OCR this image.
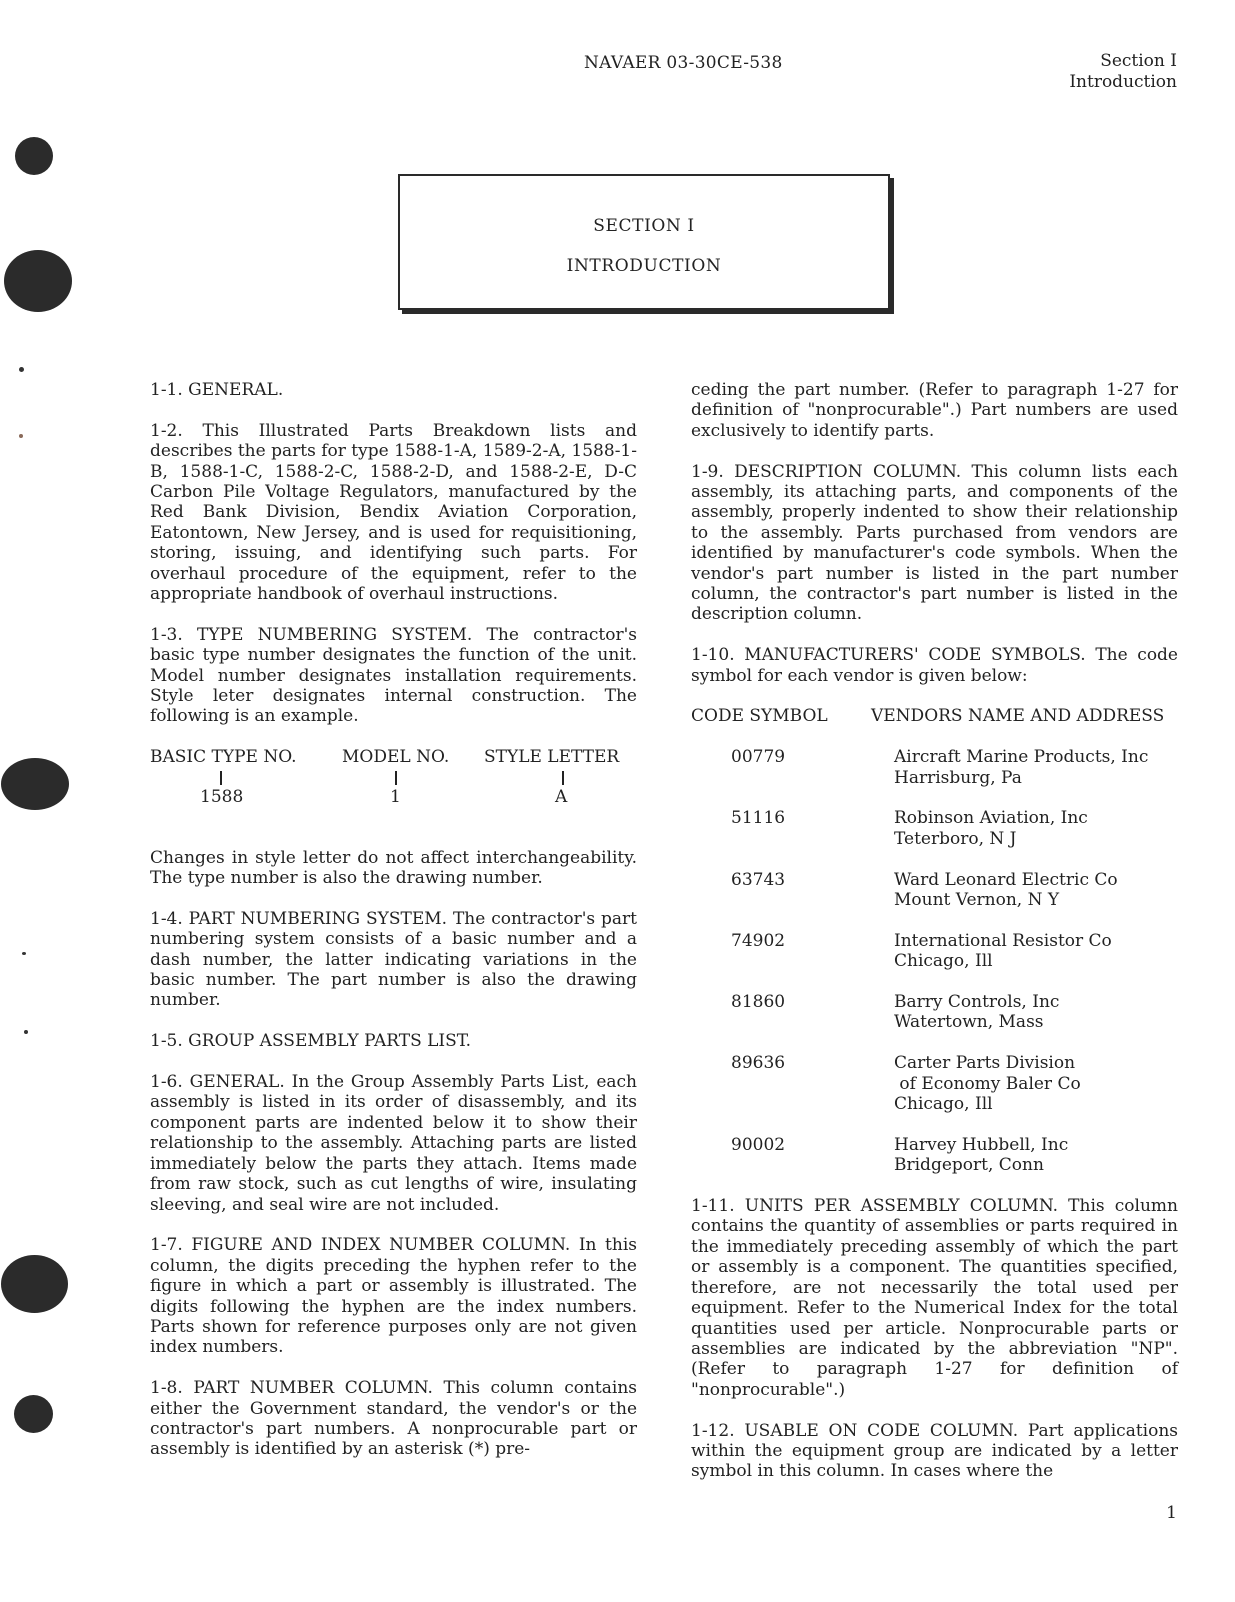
NAVAER 03-30CE-538	Section I
Introduction
SECTION I
INTRODUCTION

1-1. GENERAL.

1-2. This Illustrated Parts Breakdown lists and describes the parts for type 1588-1-A, 1589-2-A, 1588-1-B, 1588-1-C, 1588-2-C, 1588-2-D, and 1588-2-E, D-C Carbon Pile Voltage Regulators, manufactured by the Red Bank Division, Bendix Aviation Corporation, Eatontown, New Jersey, and is used for requisitioning, storing, issuing, and identifying such parts. For overhaul procedure of the equipment, refer to the appropriate handbook of overhaul instructions.

1-3. TYPE NUMBERING SYSTEM. The contractor's basic type number designates the function of the unit. Model number designates installation requirements. Style leter designates internal construction. The following is an example.

BASIC TYPE NO.	MODEL NO. STYLE LETTER
1588	1	A

Changes in style letter do not affect interchangeability. The type number is also the drawing number.

1-4. PART NUMBERING SYSTEM. The contractor's part numbering system consists of a basic number and a dash number, the latter indicating variations in the basic number. The part number is also the drawing number.

1-5. GROUP ASSEMBLY PARTS LIST.

1-6. GENERAL. In the Group Assembly Parts List, each assembly is listed in its order of disassembly, and its component parts are indented below it to show their relationship to the assembly. Attaching parts are listed immediately below the parts they attach. Items made from raw stock, such as cut lengths of wire, insulating sleeving, and seal wire are not included.

1-7. FIGURE AND INDEX NUMBER COLUMN. In this column, the digits preceding the hyphen refer to the figure in which a part or assembly is illustrated. The digits following the hyphen are the index numbers. Parts shown for reference purposes only are not given index numbers.

1-8. PART NUMBER COLUMN. This column contains either the Government standard, the vendor's or the contractor's part numbers. A nonprocurable part or assembly is identified by an asterisk (*) pre-

ceding the part number. (Refer to paragraph 1-27 for definition of "nonprocurable".) Part numbers are used exclusively to identify parts.

1-9. DESCRIPTION COLUMN. This column lists each assembly, its attaching parts, and components of the assembly, properly indented to show their relationship to the assembly. Parts purchased from vendors are identified by manufacturer's code symbols. When the vendor's part number is listed in the part number column, the contractor's part number is listed in the description column.

1-10. MANUFACTURERS' CODE SYMBOLS. The code symbol for each vendor is given below:

CODE SYMBOL	VENDORS NAME AND ADDRESS
00779	Aircraft Marine Products, Inc
Harrisburg, Pa
51116	Robinson Aviation, Inc
Teterboro, N J
63743	Ward Leonard Electric Co
Mount Vernon, N Y
74902	International Resistor Co
Chicago, Ill
81860	Barry Controls, Inc
Watertown, Mass
89636	Carter Parts Division
of Economy Baler Co
Chicago, Ill
90002	Harvey Hubbell, Inc
Bridgeport, Conn

1-11. UNITS PER ASSEMBLY COLUMN. This column contains the quantity of assemblies or parts required in the immediately preceding assembly of which the part or assembly is a component. The quantities specified, therefore, are not necessarily the total used per equipment. Refer to the Numerical Index for the total quantities used per article. Nonprocurable parts or assemblies are indicated by the abbreviation "NP". (Refer to paragraph 1-27 for definition of "nonprocurable".)

1-12. USABLE ON CODE COLUMN. Part applications within the equipment group are indicated by a letter symbol in this column. In cases where the

1
